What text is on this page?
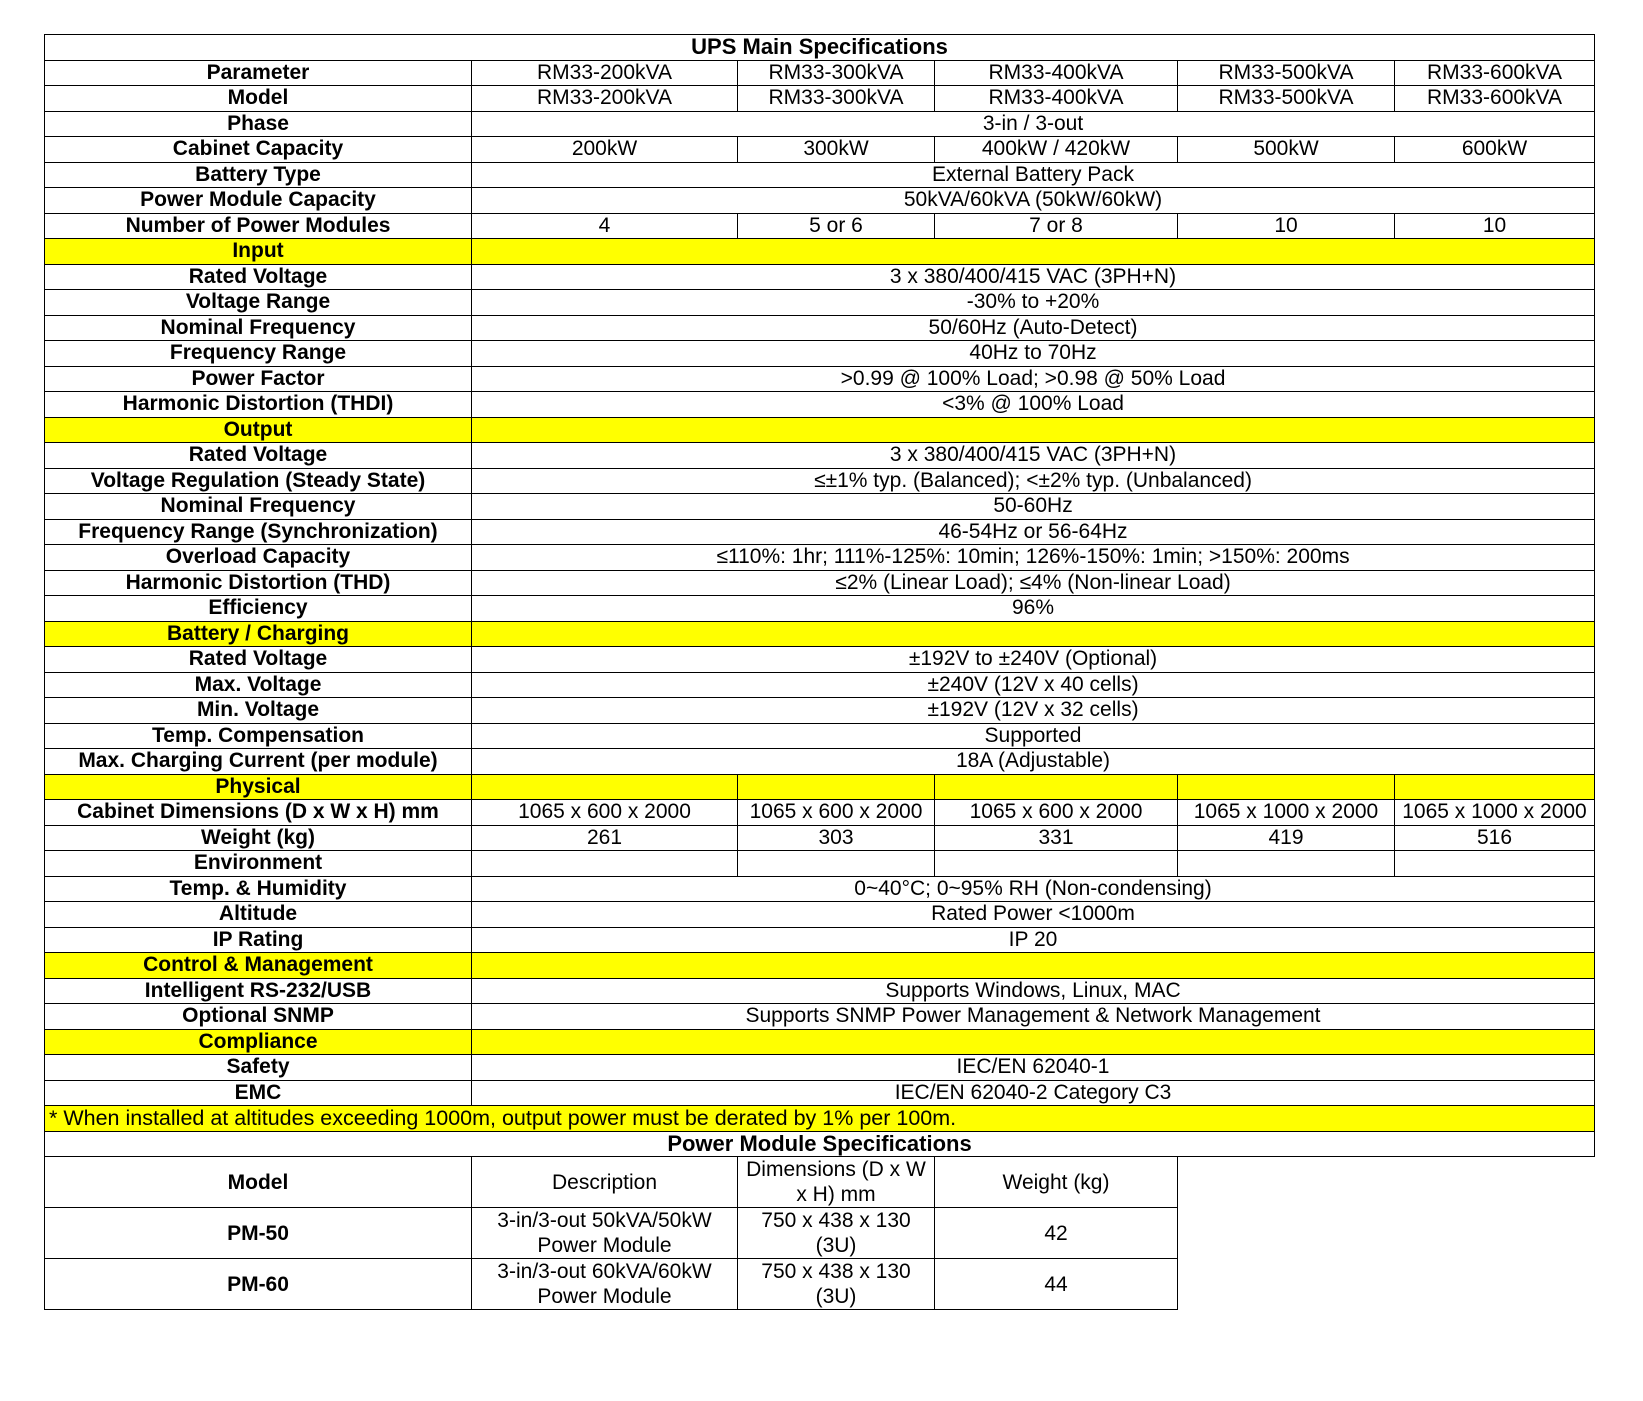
UPS Main Specifications					
Parameter	RM33-200kVA	RM33-300kVA	RM33-400kVA	RM33-500kVA	RM33-600kVA
Model	RM33-200kVA	RM33-300kVA	RM33-400kVA	RM33-500kVA	RM33-600kVA
Phase	3-in / 3-out				
Cabinet Capacity	200kW	300kW	400kW / 420kW	500kW	600kW
Battery Type	External Battery Pack				
Power Module Capacity	50kVA/60kVA (50kW/60kW)				
Number of Power Modules	4	5 or 6	7 or 8	10	10
Input					
Rated Voltage	3 x 380/400/415 VAC (3PH+N)				
Voltage Range	-30% to +20%				
Nominal Frequency	50/60Hz (Auto-Detect)				
Frequency Range	40Hz to 70Hz				
Power Factor	>0.99 @ 100% Load; >0.98 @ 50% Load				
Harmonic Distortion (THDI)	<3% @ 100% Load				
Output					
Rated Voltage	3 x 380/400/415 VAC (3PH+N)				
Voltage Regulation (Steady State)	≤±1% typ. (Balanced); <±2% typ. (Unbalanced)				
Nominal Frequency	50-60Hz				
Frequency Range (Synchronization)	46-54Hz or 56-64Hz				
Overload Capacity	≤110%: 1hr; 111%-125%: 10min; 126%-150%: 1min; >150%: 200ms				
Harmonic Distortion (THD)	≤2% (Linear Load); ≤4% (Non-linear Load)				
Efficiency	96%				
Battery / Charging					
Rated Voltage	±192V to ±240V (Optional)				
Max. Voltage	±240V (12V x 40 cells)				
Min. Voltage	±192V (12V x 32 cells)				
Temp. Compensation	Supported				
Max. Charging Current (per module)	18A (Adjustable)				
Physical					
Cabinet Dimensions (D x W x H) mm	1065 x 600 x 2000	1065 x 600 x 2000	1065 x 600 x 2000	1065 x 1000 x 2000	1065 x 1000 x 2000
Weight (kg)	261	303	331	419	516
Environment					
Temp. & Humidity	0~40°C; 0~95% RH (Non-condensing)				
Altitude	Rated Power <1000m				
IP Rating	IP 20				
Control & Management					
Intelligent RS-232/USB	Supports Windows, Linux, MAC				
Optional SNMP	Supports SNMP Power Management & Network Management				
Compliance					
Safety	IEC/EN 62040-1				
EMC	IEC/EN 62040-2 Category C3				
* When installed at altitudes exceeding 1000m, output power must be derated by 1% per 100m.					
Power Module Specifications					
Model	Description	Dimensions (D x W x H) mm	Weight (kg)
PM-50	3-in/3-out 50kVA/50kW Power Module	750 x 438 x 130 (3U)	42
PM-60	3-in/3-out 60kVA/60kW Power Module	750 x 438 x 130 (3U)	44
